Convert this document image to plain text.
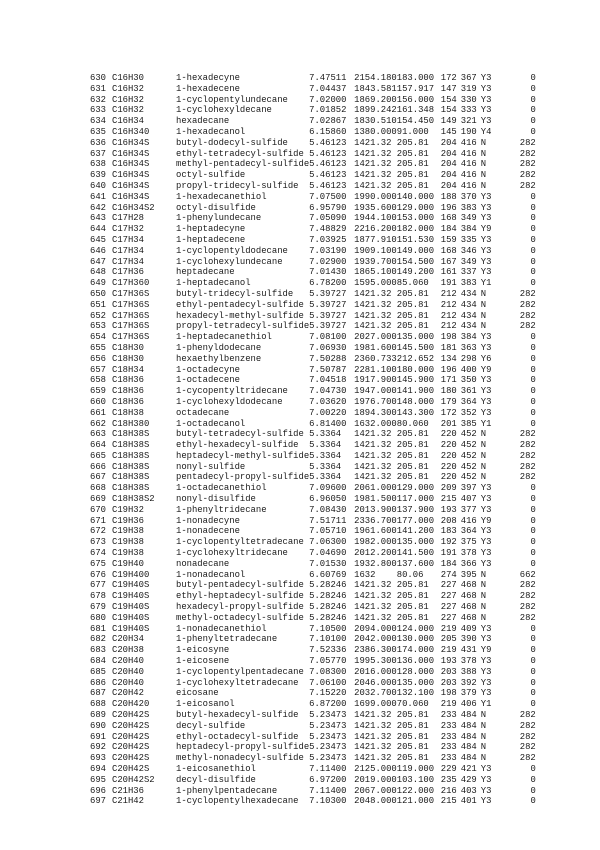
630	C16H30	1-hexadecyne	7.47511	2154.180	183.000	172	367	Y3	0
631	C16H32	1-hexadecene	7.04437	1843.581	157.917	147	319	Y3	0
632	C16H32	1-cyclopentylundecane	7.02000	1869.200	156.000	154	330	Y3	0
633	C16H32	1-cyclohexyldecane	7.01852	1899.242	161.348	154	333	Y3	0
634	C16H34	hexadecane	7.02867	1830.510	154.450	149	321	Y3	0
635	C16H340	1-hexadecanol	6.15860	1380.000	91.000	145	190	Y4	0
636	C16H34S	butyl-dodecyl-sulfide	5.46123	1421.32	205.81	204	416	N	282
637	C16H34S	ethyl-tetradecyl-sulfide	5.46123	1421.32	205.81	204	416	N	282
638	C16H34S	methyl-pentadecyl-sulfide	5.46123	1421.32	205.81	204	416	N	282
639	C16H34S	octyl-sulfide	5.46123	1421.32	205.81	204	416	N	282
640	C16H34S	propyl-tridecyl-sulfide	5.46123	1421.32	205.81	204	416	N	282
641	C16H34S	1-hexadecanethiol	7.07500	1990.000	140.000	188	370	Y3	0
642	C16H34S2	octyl-disulfide	6.95790	1935.600	129.000	196	383	Y3	0
643	C17H28	1-phenylundecane	7.05090	1944.100	153.000	168	349	Y3	0
644	C17H32	1-heptadecyne	7.48829	2216.200	182.000	184	384	Y9	0
645	C17H34	1-heptadecene	7.03925	1877.910	151.530	159	335	Y3	0
646	C17H34	1-cyclopentyldodecane	7.03190	1909.100	149.000	168	346	Y3	0
647	C17H34	1-cyclohexylundecane	7.02900	1939.700	154.500	167	349	Y3	0
648	C17H36	heptadecane	7.01430	1865.100	149.200	161	337	Y3	0
649	C17H360	1-heptadecanol	6.78200	1595.000	85.060	191	383	Y1	0
650	C17H36S	butyl-tridecyl-sulfide	5.39727	1421.32	205.81	212	434	N	282
651	C17H36S	ethyl-pentadecyl-sulfide	5.39727	1421.32	205.81	212	434	N	282
652	C17H36S	hexadecyl-methyl-sulfide	5.39727	1421.32	205.81	212	434	N	282
653	C17H36S	propyl-tetradecyl-sulfide	5.39727	1421.32	205.81	212	434	N	282
654	C17H36S	1-heptadecanethiol	7.08100	2027.000	135.000	198	384	Y3	0
655	C18H30	1-phenyldodecane	7.06930	1981.600	145.500	181	363	Y3	0
656	C18H30	hexaethylbenzene	7.50288	2360.733	212.652	134	298	Y6	0
657	C18H34	1-octadecyne	7.50787	2281.100	180.000	196	400	Y9	0
658	C18H36	1-octadecene	7.04518	1917.900	145.900	171	350	Y3	0
659	C18H36	1-cycopentyltridecane	7.04730	1947.000	141.900	180	361	Y3	0
660	C18H36	1-cyclohexyldodecane	7.03620	1976.700	148.000	179	364	Y3	0
661	C18H38	octadecane	7.00220	1894.300	143.300	172	352	Y3	0
662	C18H380	1-octadecanol	6.81400	1632.000	80.060	201	385	Y1	0
663	C18H38S	butyl-tetradecyl-sulfide	5.3364	1421.32	205.81	220	452	N	282
664	C18H38S	ethyl-hexadecyl-sulfide	5.3364	1421.32	205.81	220	452	N	282
665	C18H38S	heptadecyl-methyl-sulfide	5.3364	1421.32	205.81	220	452	N	282
666	C18H38S	nonyl-sulfide	5.3364	1421.32	205.81	220	452	N	282
667	C18H38S	pentadecyl-propyl-sulfide	5.3364	1421.32	205.81	220	452	N	282
668	C18H38S	1-octadecanethiol	7.09600	2061.000	129.000	209	397	Y3	0
669	C18H38S2	nonyl-disulfide	6.96050	1981.500	117.000	215	407	Y3	0
670	C19H32	1-phenyltridecane	7.08430	2013.900	137.900	193	377	Y3	0
671	C19H36	1-nonadecyne	7.51711	2336.700	177.000	208	416	Y9	0
672	C19H38	1-nonadecene	7.05710	1961.600	141.200	183	364	Y3	0
673	C19H38	1-cyclopentyltetradecane	7.06300	1982.000	135.000	192	375	Y3	0
674	C19H38	1-cyclohexyltridecane	7.04690	2012.200	141.500	191	378	Y3	0
675	C19H40	nonadecane	7.01530	1932.800	137.600	184	366	Y3	0
676	C19H400	1-nonadecanol	6.60769	1632	80.06	274	395	N	662
677	C19H40S	butyl-pentadecyl-sulfide	5.28246	1421.32	205.81	227	468	N	282
678	C19H40S	ethyl-heptadecyl-sulfide	5.28246	1421.32	205.81	227	468	N	282
679	C19H40S	hexadecyl-propyl-sulfide	5.28246	1421.32	205.81	227	468	N	282
680	C19H40S	methyl-octadecyl-sulfide	5.28246	1421.32	205.81	227	468	N	282
681	C19H40S	1-nonadecanethiol	7.10500	2094.000	124.000	219	409	Y3	0
682	C20H34	1-phenyltetradecane	7.10100	2042.000	130.000	205	390	Y3	0
683	C20H38	1-eicosyne	7.52336	2386.300	174.000	219	431	Y9	0
684	C20H40	1-eicosene	7.05770	1995.300	136.000	193	378	Y3	0
685	C20H40	1-cyclopentylpentadecane	7.08300	2016.000	128.000	203	388	Y3	0
686	C20H40	1-cyclohexyltetradecane	7.06100	2046.000	135.000	203	392	Y3	0
687	C20H42	eicosane	7.15220	2032.700	132.100	198	379	Y3	0
688	C20H420	1-eicosanol	6.87200	1699.000	70.060	219	406	Y1	0
689	C20H42S	butyl-hexadecyl-sulfide	5.23473	1421.32	205.81	233	484	N	282
690	C20H42S	decyl-sulfide	5.23473	1421.32	205.81	233	484	N	282
691	C20H42S	ethyl-octadecyl-sulfide	5.23473	1421.32	205.81	233	484	N	282
692	C20H42S	heptadecyl-propyl-sulfide	5.23473	1421.32	205.81	233	484	N	282
693	C20H42S	methyl-nonadecyl-sulfide	5.23473	1421.32	205.81	233	484	N	282
694	C20H42S	1-eicosanethiol	7.11400	2125.000	119.000	229	421	Y3	0
695	C20H42S2	decyl-disulfide	6.97200	2019.000	103.100	235	429	Y3	0
696	C21H36	1-phenylpentadecane	7.11400	2067.000	122.000	216	403	Y3	0
697	C21H42	1-cyclopentylhexadecane	7.10300	2048.000	121.000	215	401	Y3	0
